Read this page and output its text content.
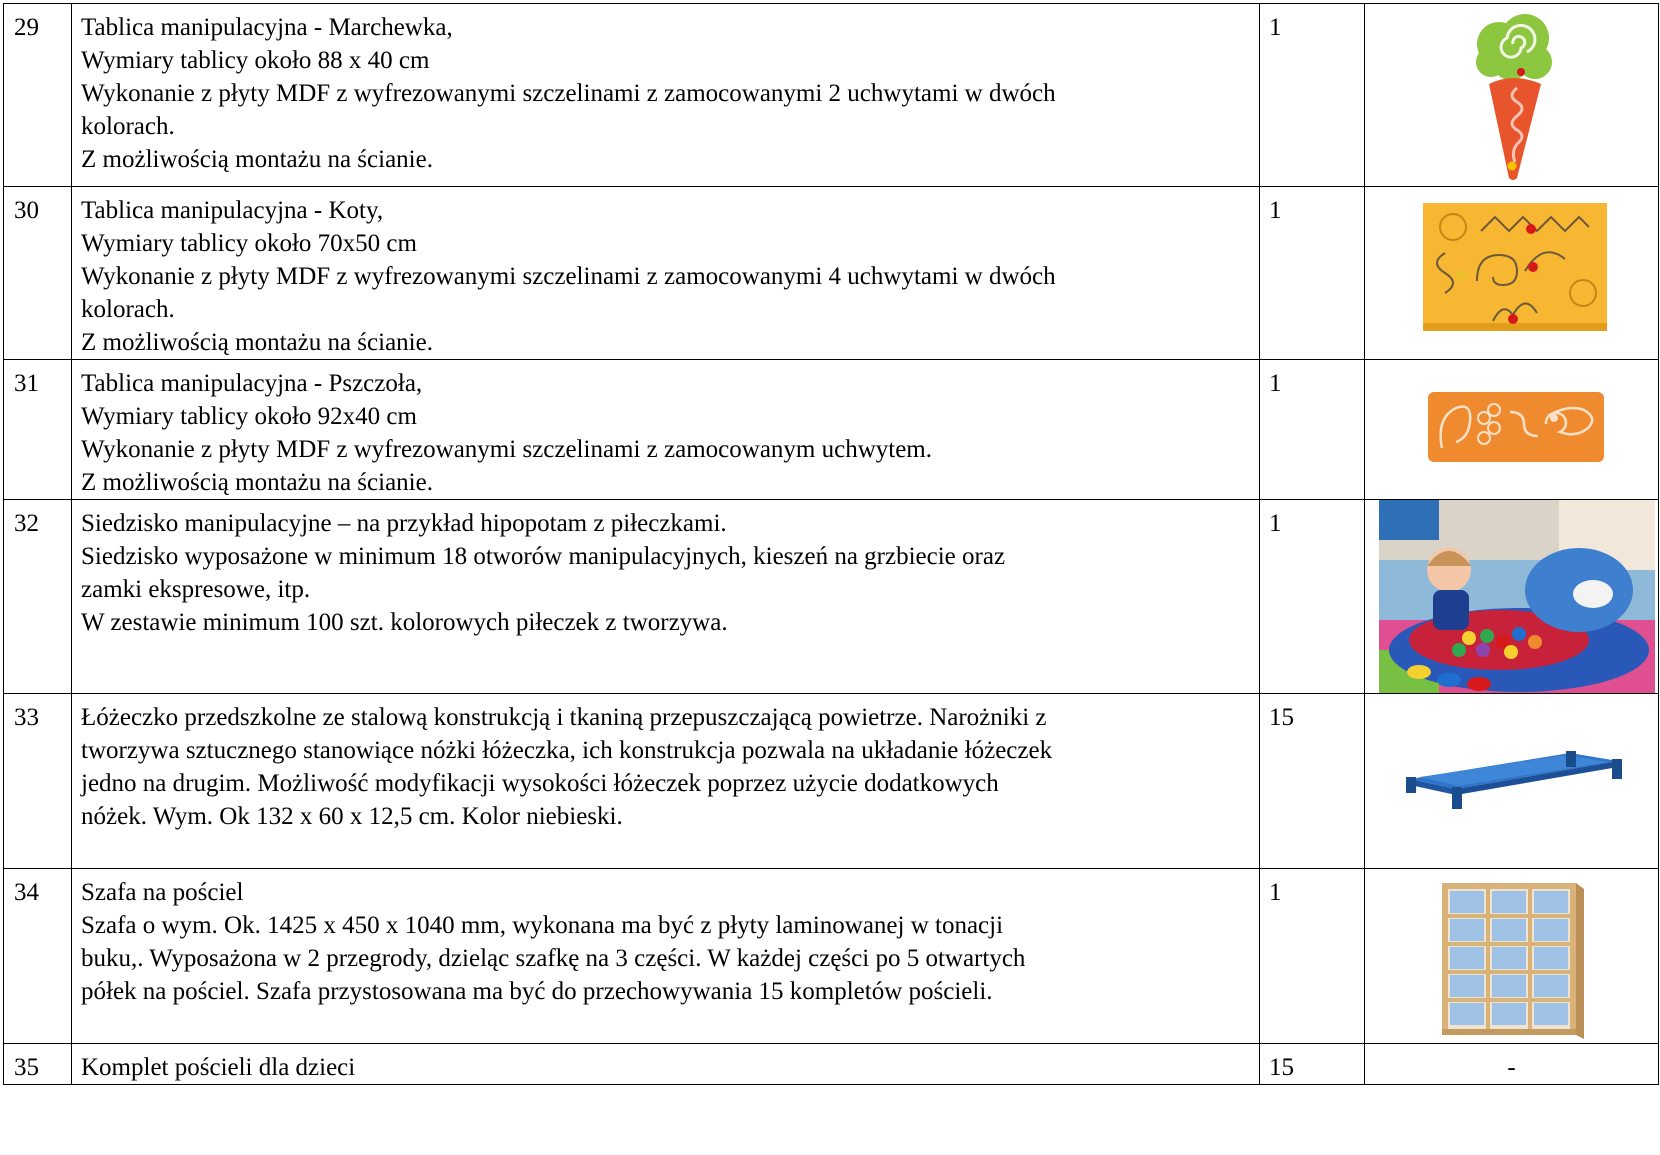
29	Tablica manipulacyjna - Marchewka,
Wymiary tablicy około 88 x 40 cm
Wykonanie z płyty MDF z wyfrezowanymi szczelinami z zamocowanymi 2 uchwytami w dwóch
kolorach.
Z możliwością montażu na ścianie.	1	

30	Tablica manipulacyjna - Koty,
Wymiary tablicy około 70x50 cm
Wykonanie z płyty MDF z wyfrezowanymi szczelinami z zamocowanymi 4 uchwytami w dwóch
kolorach.
Z możliwością montażu na ścianie.	1	

31	Tablica manipulacyjna - Pszczoła,
Wymiary tablicy około 92x40 cm
Wykonanie z płyty MDF z wyfrezowanymi szczelinami z zamocowanym uchwytem.
Z możliwością montażu na ścianie.	1	

32	Siedzisko manipulacyjne – na przykład hipopotam z piłeczkami.
Siedzisko wyposażone w minimum 18 otworów manipulacyjnych, kieszeń na grzbiecie oraz
zamki ekspresowe, itp.
W zestawie minimum 100 szt. kolorowych piłeczek z tworzywa.	1	

33	Łóżeczko przedszkolne ze stalową konstrukcją i tkaniną przepuszczającą powietrze. Narożniki z
tworzywa sztucznego stanowiące nóżki łóżeczka, ich konstrukcja pozwala na układanie łóżeczek
jedno na drugim. Możliwość modyfikacji wysokości łóżeczek poprzez użycie dodatkowych
nóżek. Wym. Ok 132 x 60 x 12,5 cm. Kolor niebieski.	15	

34	Szafa na pościel
Szafa o wym. Ok. 1425 x 450 x 1040 mm, wykonana ma być z płyty laminowanej w tonacji
buku,. Wyposażona w 2 przegrody, dzieląc szafkę na 3 części. W każdej części po 5 otwartych
półek na pościel. Szafa przystosowana ma być do przechowywania 15 kompletów pościeli.	1	

35	Komplet pościeli dla dzieci	15	-
